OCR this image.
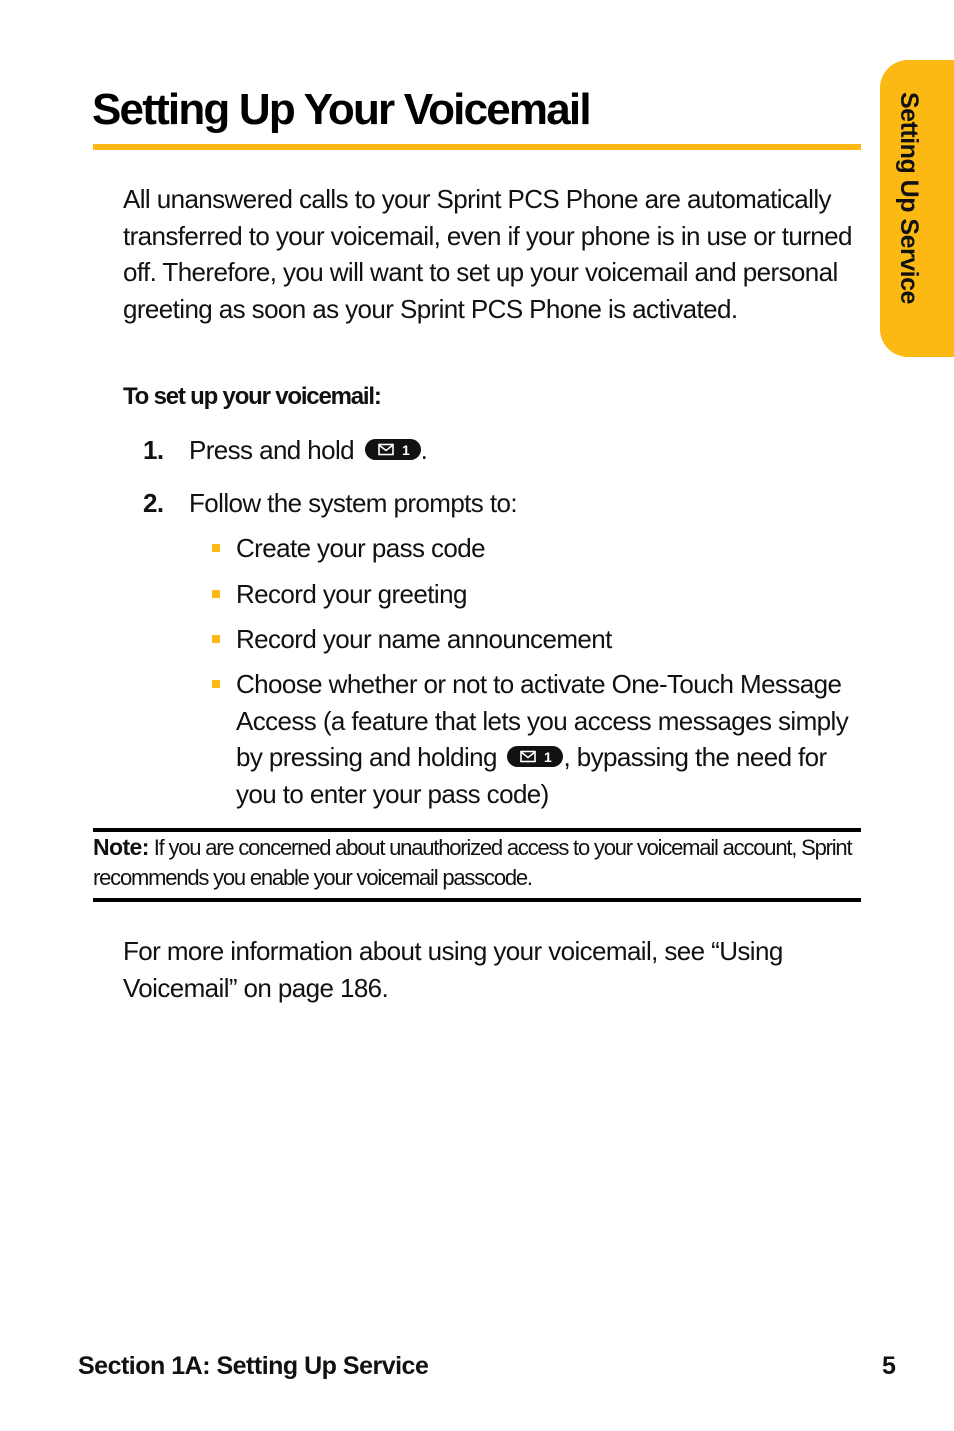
Setting Up Service
Setting Up Your Voicemail

All unanswered calls to your Sprint PCS Phone are automatically transferred to your voicemail, even if your phone is in use or turned off. Therefore, you will want to set up your voicemail and personal greeting as soon as your Sprint PCS Phone is activated.

To set up your voicemail:

1. Press and hold	1 .
2. Follow the system prompts to:

Create your pass code

Record your greeting

Record your name announcement

Choose whether or not to activate One-Touch Message Access (a feature that lets you access messages simply by pressing and holding	1 , bypassing the need for you to enter your pass code)

Note: If you are concerned about unauthorized access to your voicemail account, Sprint recommends you enable your voicemail passcode.

For more information about using your voicemail, see “Using Voicemail” on page 186.

Section 1A: Setting Up Service	5
